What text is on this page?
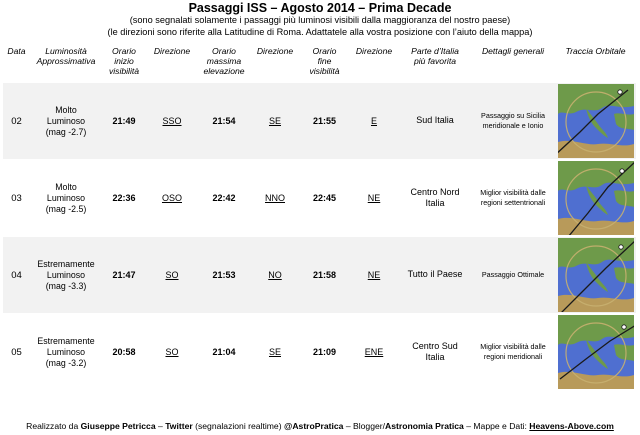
Passaggi ISS – Agosto 2014 – Prima Decade
(sono segnalati solamente i passaggi più luminosi visibili dalla maggioranza del nostro paese)
(le direzioni sono riferite alla Latitudine di Roma. Adattatele alla vostra posizione con l’aiuto della mappa)
Data	Luminosità
Approssimativa	Orario
inizio
visibilità	Direzione	Orario
massima
elevazione	Direzione	Orario
fine
visibilità	Direzione	Parte d’Italia
più favorita	Dettagli generali	Traccia Orbitale
02	Molto
Luminoso
(mag -2.7)	21:49	SSO	21:54	SE	21:55	E	Sud Italia	Passaggio su Sicilia
meridionale e Ionio	

03	Molto
Luminoso
(mag -2.5)	22:36	OSO	22:42	NNO	22:45	NE	Centro Nord
Italia	Miglior visibilità dalle
regioni settentrionali	

04	Estremamente
Luminoso
(mag -3.3)	21:47	SO	21:53	NO	21:58	NE	Tutto il Paese	Passaggio Ottimale	

05	Estremamente
Luminoso
(mag -3.2)	20:58	SO	21:04	SE	21:09	ENE	Centro Sud
Italia	Miglior visibilità dalle
regioni meridionali	
Realizzato da Giuseppe Petricca – Twitter (segnalazioni realtime) @AstroPratica – Blogger/Astronomia Pratica – Mappe e Dati: Heavens-Above.com
